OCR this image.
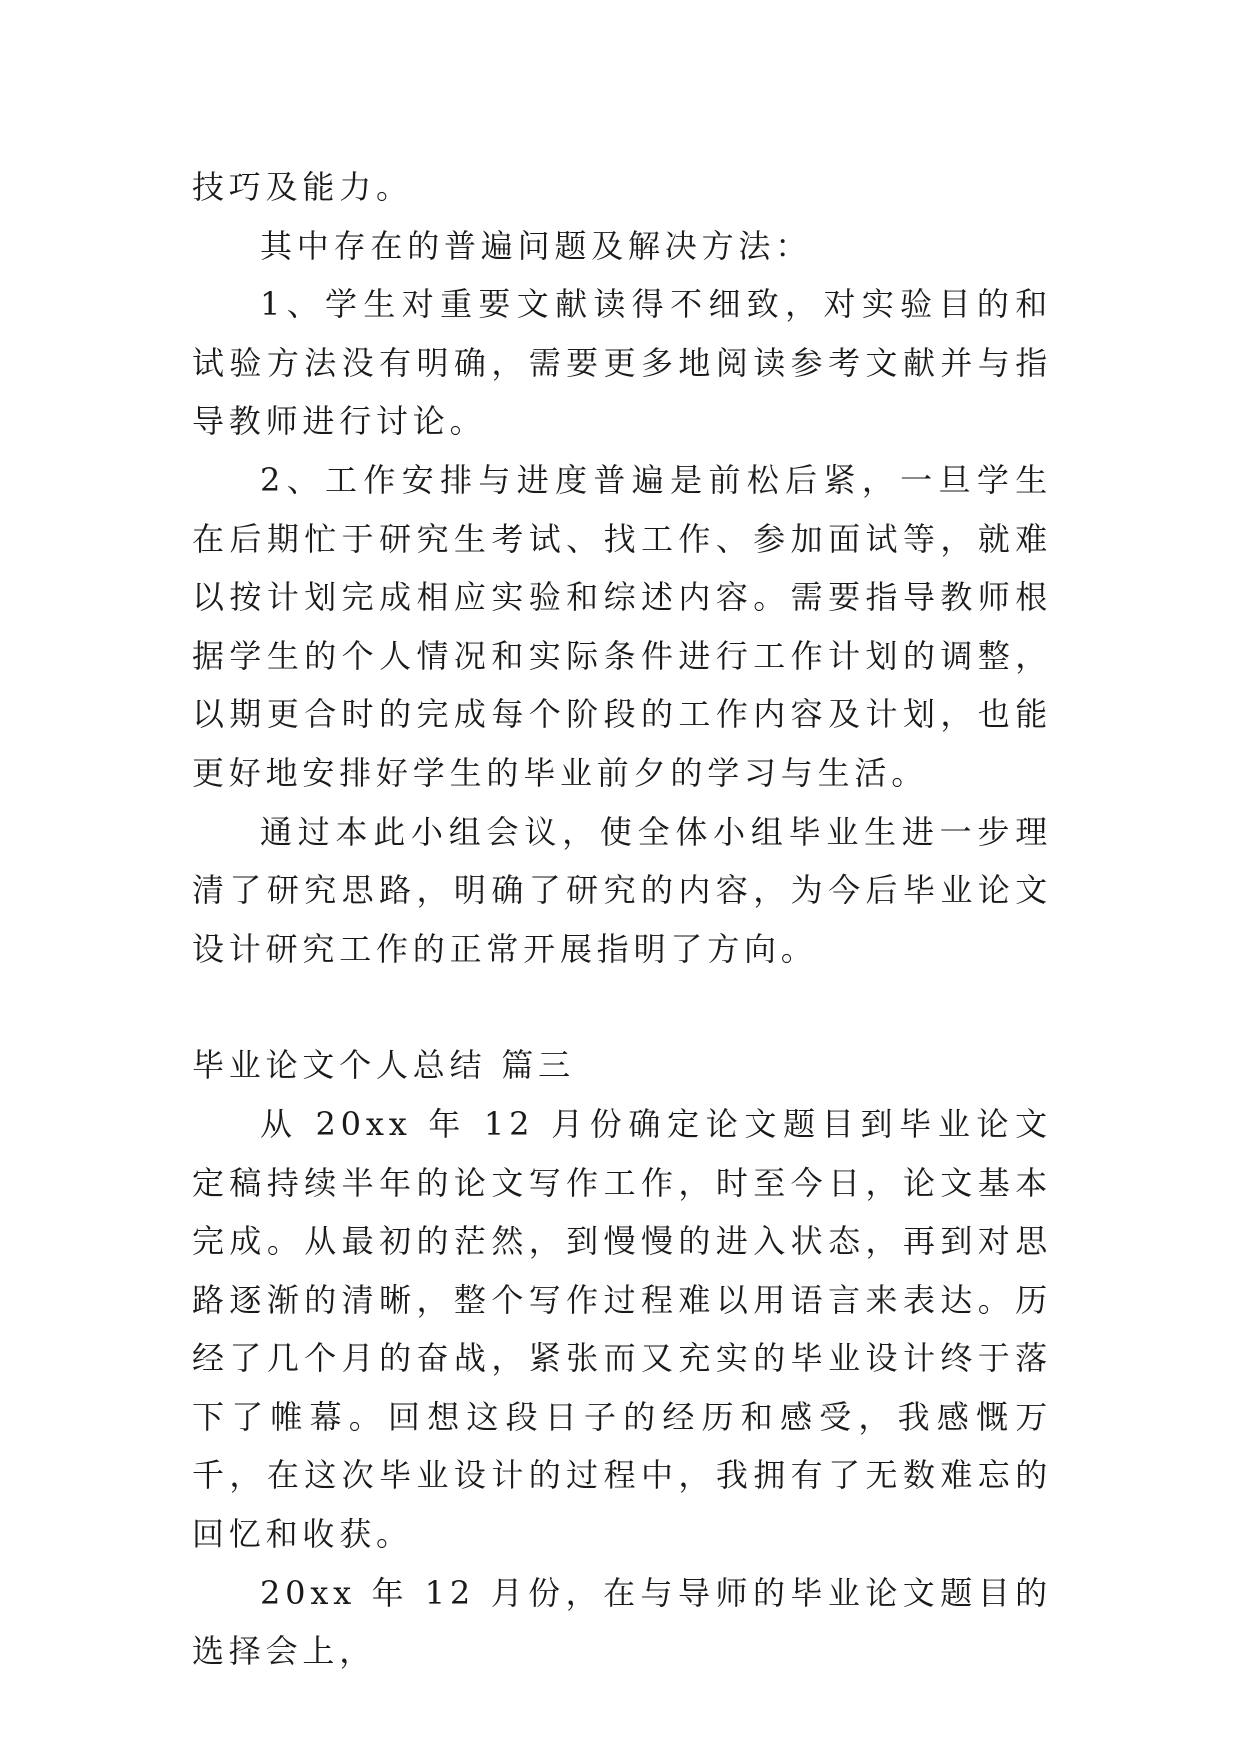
技巧及能力。

其中存在的普遍问题及解决方法：

1、学生对重要文献读得不细致，对实验目的和试验方法没有明确，需要更多地阅读参考文献并与指导教师进行讨论。

2、工作安排与进度普遍是前松后紧，一旦学生在后期忙于研究生考试、找工作、参加面试等，就难以按计划完成相应实验和综述内容。需要指导教师根据学生的个人情况和实际条件进行工作计划的调整，以期更合时的完成每个阶段的工作内容及计划，也能更好地安排好学生的毕业前夕的学习与生活。

通过本此小组会议，使全体小组毕业生进一步理清了研究思路，明确了研究的内容，为今后毕业论文设计研究工作的正常开展指明了方向。

毕业论文个人总结 篇三

从 20xx 年 12 月份确定论文题目到毕业论文定稿持续半年的论文写作工作，时至今日，论文基本完成。从最初的茫然，到慢慢的进入状态，再到对思路逐渐的清晰，整个写作过程难以用语言来表达。历经了几个月的奋战，紧张而又充实的毕业设计终于落下了帷幕。回想这段日子的经历和感受，我感慨万千，在这次毕业设计的过程中，我拥有了无数难忘的回忆和收获。

20xx 年 12 月份，在与导师的毕业论文题目的选择会上，
